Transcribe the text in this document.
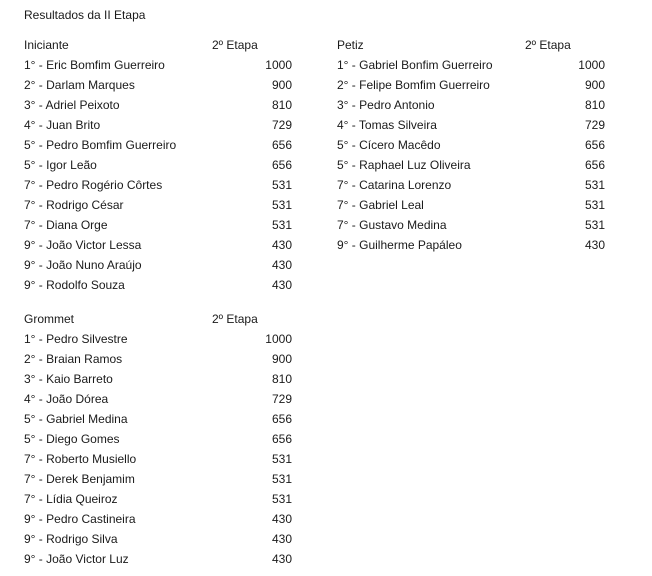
Resultados da II Etapa
Iniciante	2º Etapa
1° - Eric Bomfim Guerreiro	1000
2° - Darlam Marques	900
3° - Adriel Peixoto	810
4° - Juan Brito	729
5° - Pedro Bomfim Guerreiro	656
5° - Igor Leão	656
7° - Pedro Rogério Côrtes	531
7° - Rodrigo César	531
7° - Diana Orge	531
9° - João Victor Lessa	430
9° - João Nuno Araújo	430
9° - Rodolfo Souza	430
Petiz	2º Etapa
1° - Gabriel Bonfim Guerreiro	1000
2° - Felipe Bomfim Guerreiro	900
3° - Pedro Antonio	810
4° - Tomas Silveira	729
5° - Cícero Macêdo	656
5° - Raphael Luz Oliveira	656
7° - Catarina Lorenzo	531
7° - Gabriel Leal	531
7° - Gustavo Medina	531
9° - Guilherme Papáleo	430
Grommet	2º Etapa
1° - Pedro Silvestre	1000
2° - Braian Ramos	900
3° - Kaio Barreto	810
4° - João Dórea	729
5° - Gabriel Medina	656
5° - Diego Gomes	656
7° - Roberto Musiello	531
7° - Derek Benjamim	531
7° - Lídia Queiroz	531
9° - Pedro Castineira	430
9° - Rodrigo Silva	430
9° - João Victor Luz	430
